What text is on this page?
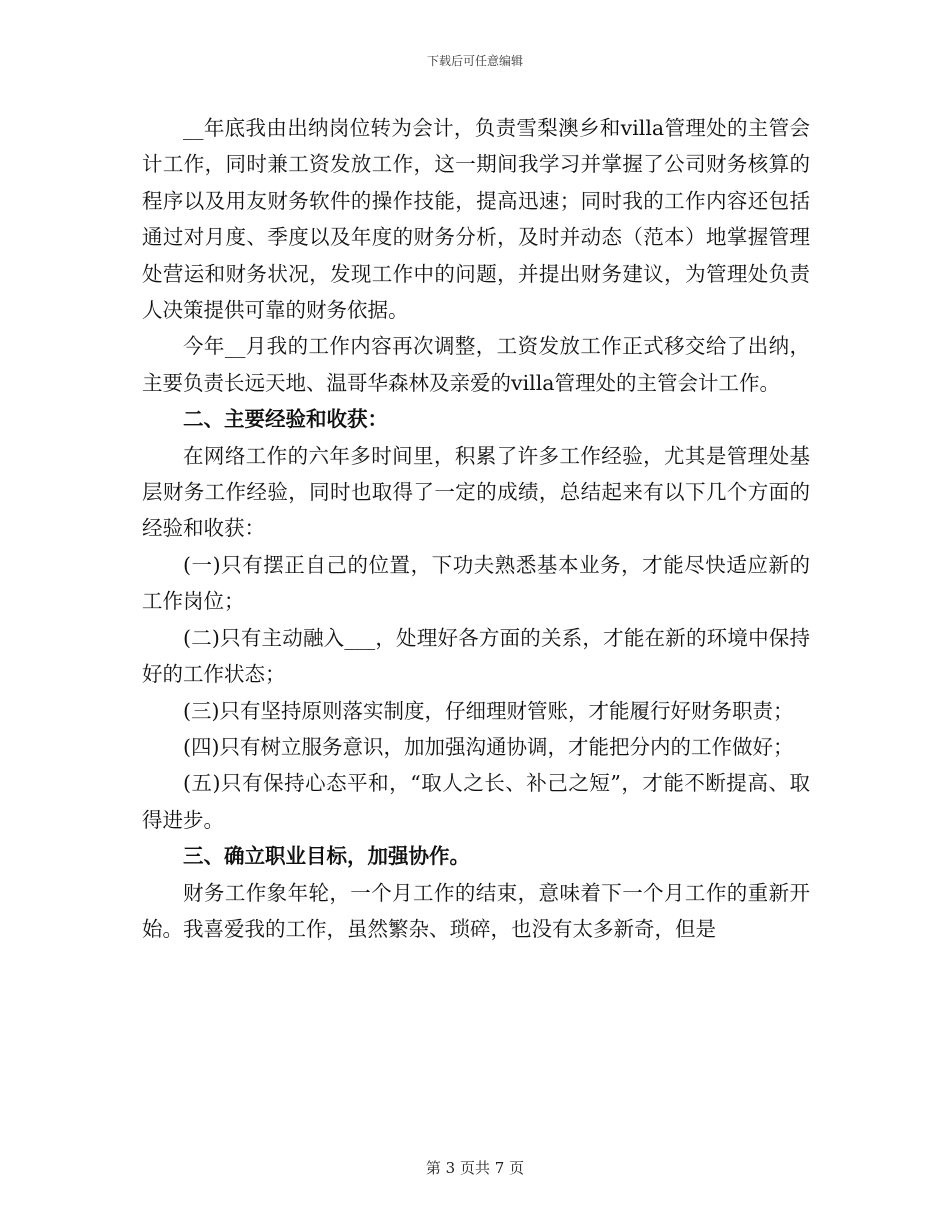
下载后可任意编辑

__年底我由出纳岗位转为会计，负责雪梨澳乡和villa管理处的主管会计工作，同时兼工资发放工作，这一期间我学习并掌握了公司财务核算的程序以及用友财务软件的操作技能，提高迅速；同时我的工作内容还包括通过对月度、季度以及年度的财务分析，及时并动态（范本）地掌握管理处营运和财务状况，发现工作中的问题，并提出财务建议，为管理处负责人决策提供可靠的财务依据。

今年__月我的工作内容再次调整，工资发放工作正式移交给了出纳，主要负责长远天地、温哥华森林及亲爱的villa管理处的主管会计工作。

二、主要经验和收获：

在网络工作的六年多时间里，积累了许多工作经验，尤其是管理处基层财务工作经验，同时也取得了一定的成绩，总结起来有以下几个方面的经验和收获：

(一)只有摆正自己的位置，下功夫熟悉基本业务，才能尽快适应新的工作岗位；

(二)只有主动融入___，处理好各方面的关系，才能在新的环境中保持好的工作状态；

(三)只有坚持原则落实制度，仔细理财管账，才能履行好财务职责；

(四)只有树立服务意识，加加强沟通协调，才能把分内的工作做好；

(五)只有保持心态平和，“取人之长、补己之短”，才能不断提高、取得进步。

三、确立职业目标，加强协作。

财务工作象年轮，一个月工作的结束，意味着下一个月工作的重新开始。我喜爱我的工作，虽然繁杂、琐碎，也没有太多新奇，但是

第 3 页共 7 页
